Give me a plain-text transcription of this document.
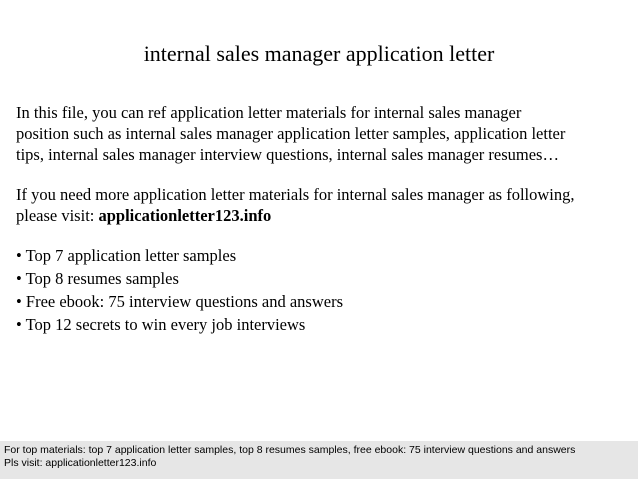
internal sales manager application letter
In this file, you can ref application letter materials for internal sales manager
position such as internal sales manager application letter samples, application letter
tips, internal sales manager interview questions, internal sales manager resumes…
If you need more application letter materials for internal sales manager as following,
please visit: applicationletter123.info
• Top 7 application letter samples
• Top 8 resumes samples
• Free ebook: 75 interview questions and answers
• Top 12 secrets to win every job interviews
For top materials: top 7 application letter samples, top 8 resumes samples, free ebook: 75 interview questions and answers
Pls visit: applicationletter123.info
